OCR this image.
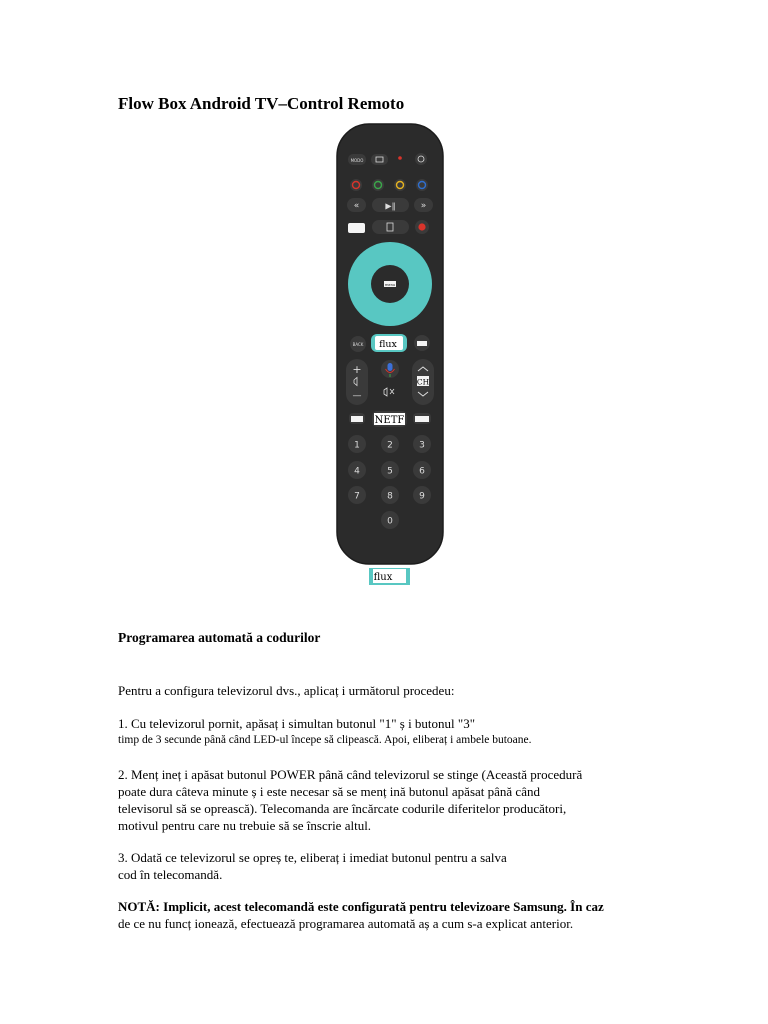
Flow Box Android TV–Control Remoto
MODO
«	▶‖	»
menu
BACK flux
+
—
CH
NETF
1	2	3
4	5	6
7	8	9
0
flux
Programarea automată a codurilor

Pentru a configura televizorul dvs., aplicaț i următorul procedeu:

1. Cu televizorul pornit, apăsaț i simultan butonul "1" ș i butonul "3"
timp de 3 secunde până când LED-ul începe să clipească. Apoi, eliberaț i ambele butoane.

2. Menț ineț i apăsat butonul POWER până când televizorul se stinge (Această procedură
poate dura câteva minute ș i este necesar să se menț ină butonul apăsat până când
televisorul să se oprească). Telecomanda are încărcate codurile diferitelor producători,
motivul pentru care nu trebuie să se înscrie altul.

3. Odată ce televizorul se opreș te, eliberaț i imediat butonul pentru a salva
cod în telecomandă.

NOTĂ: Implicit, acest telecomandă este configurată pentru televizoare Samsung. În caz
de ce nu funcț ionează, efectuează programarea automată aș a cum s-a explicat anterior.
